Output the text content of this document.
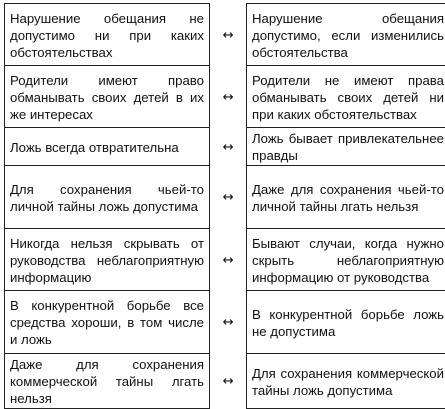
Нарушение обещания не допустимо ни при каких обстоятельствах	↔	Нарушение обещания допустимо, если изменились обстоятельства
Родители имеют право обманывать своих детей в их же интересах	↔	Родители не имеют права обманывать своих детей ни при каких обстоятельствах
Ложь всегда отвратительна	↔	Ложь бывает привлекательнее правды
Для сохранения чьей-то личной тайны ложь допустима	↔	Даже для сохранения чьей-то личной тайны лгать нельзя
Никогда нельзя скрывать от руководства неблагоприятную информацию	↔	Бывают случаи, когда нужно скрыть неблагоприятную информацию от руководства
В конкурентной борьбе все средства хороши, в том числе и ложь	↔	В конкурентной борьбе ложь не допустима
Даже для сохранения коммерческой тайны лгать нельзя	↔	Для сохранения коммерческой тайны ложь допустима
